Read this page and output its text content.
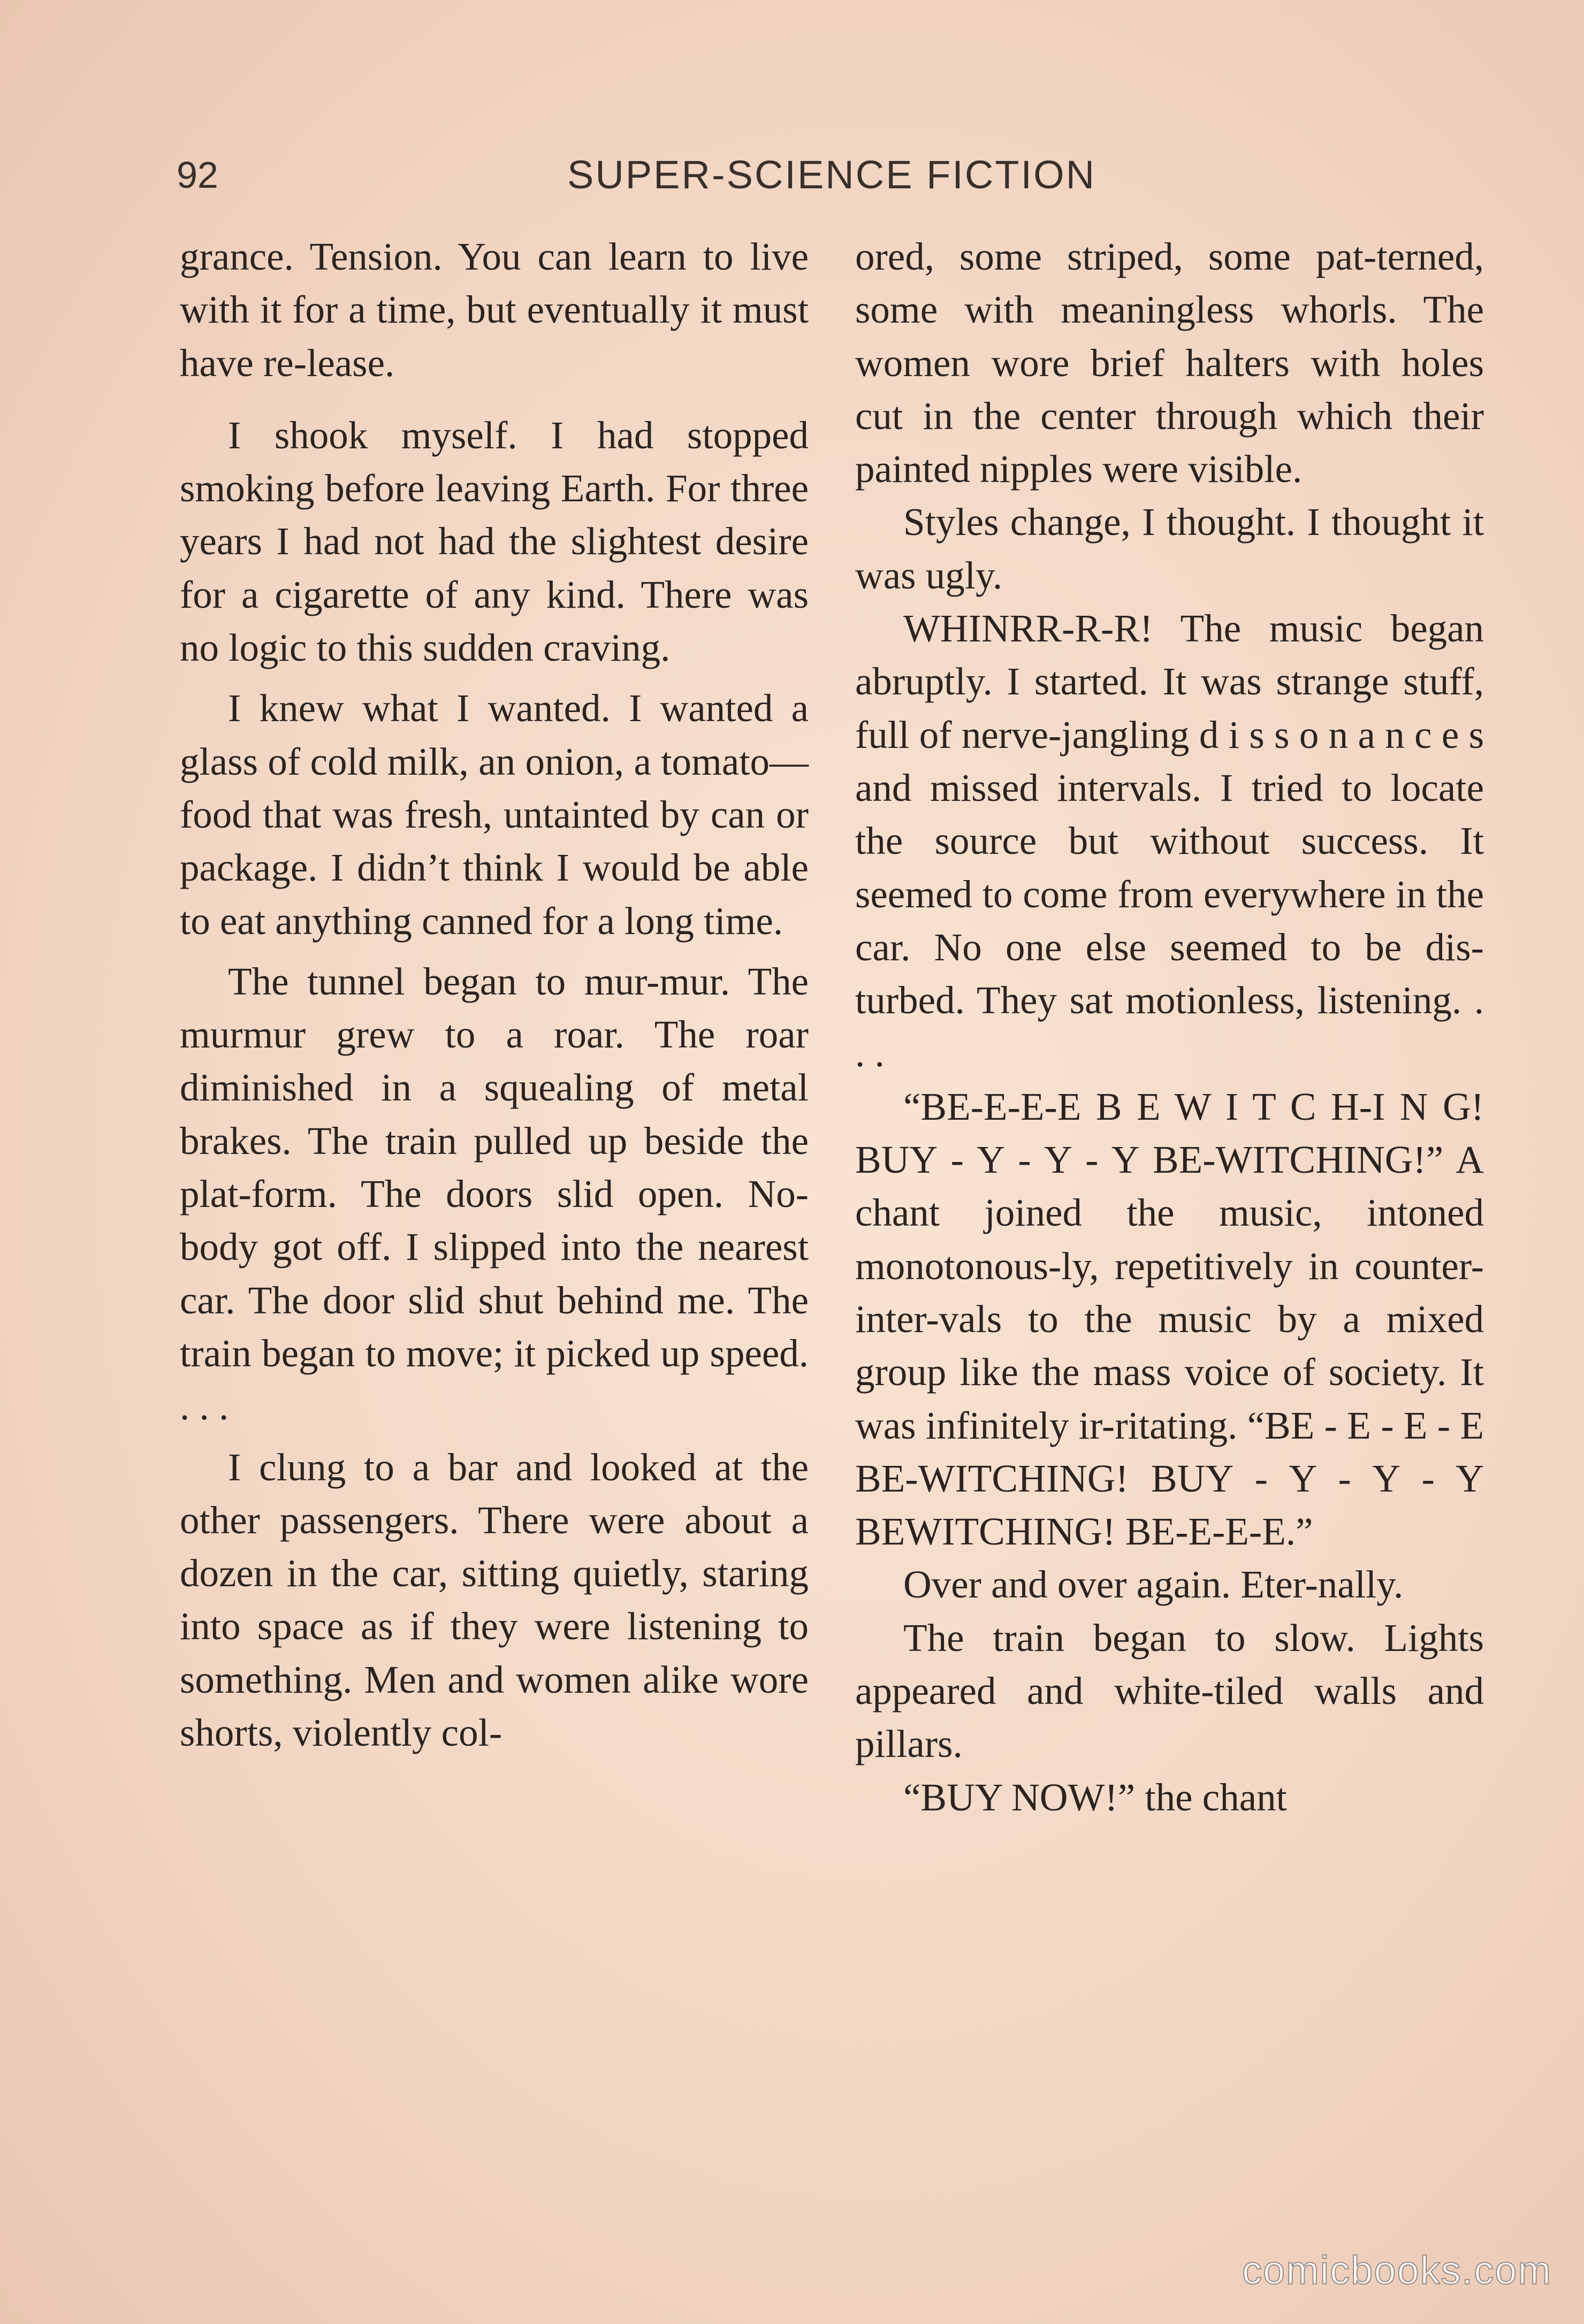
92	SUPER-SCIENCE FICTION

grance. Tension. You can learn to live with it for a time, but eventually it must have re-lease.

I shook myself. I had stopped smoking before leaving Earth. For three years I had not had the slightest desire for a cigarette of any kind. There was no logic to this sudden craving.

I knew what I wanted. I wanted a glass of cold milk, an onion, a tomato—food that was fresh, untainted by can or package. I didn’t think I would be able to eat anything canned for a long time.

The tunnel began to mur-mur. The murmur grew to a roar. The roar diminished in a squealing of metal brakes. The train pulled up beside the plat-form. The doors slid open. No-body got off. I slipped into the nearest car. The door slid shut behind me. The train began to move; it picked up speed. . . .

I clung to a bar and looked at the other passengers. There were about a dozen in the car, sitting quietly, staring into space as if they were listening to something. Men and women alike wore shorts, violently col-

ored, some striped, some pat-terned, some with meaningless whorls. The women wore brief halters with holes cut in the center through which their painted nipples were visible.

Styles change, I thought. I thought it was ugly.

WHINRR-R-R! The music began abruptly. I started. It was strange stuff, full of nerve-jangling d i s s o n a n c e s and missed intervals. I tried to locate the source but without success. It seemed to come from everywhere in the car. No one else seemed to be dis-turbed. They sat motionless, listening. . . .

“BE-E-E-E B E W I T C H-I N G! BUY - Y - Y - Y BE-WITCHING!” A chant joined the music, intoned monotonous-ly, repetitively in counter-inter-vals to the music by a mixed group like the mass voice of society. It was infinitely ir-ritating. “BE - E - E - E BE-WITCHING! BUY - Y - Y - Y BEWITCHING! BE-E-E-E.”

Over and over again. Eter-nally.

The train began to slow. Lights appeared and white-tiled walls and pillars.

“BUY NOW!” the chant

comicbooks.com
